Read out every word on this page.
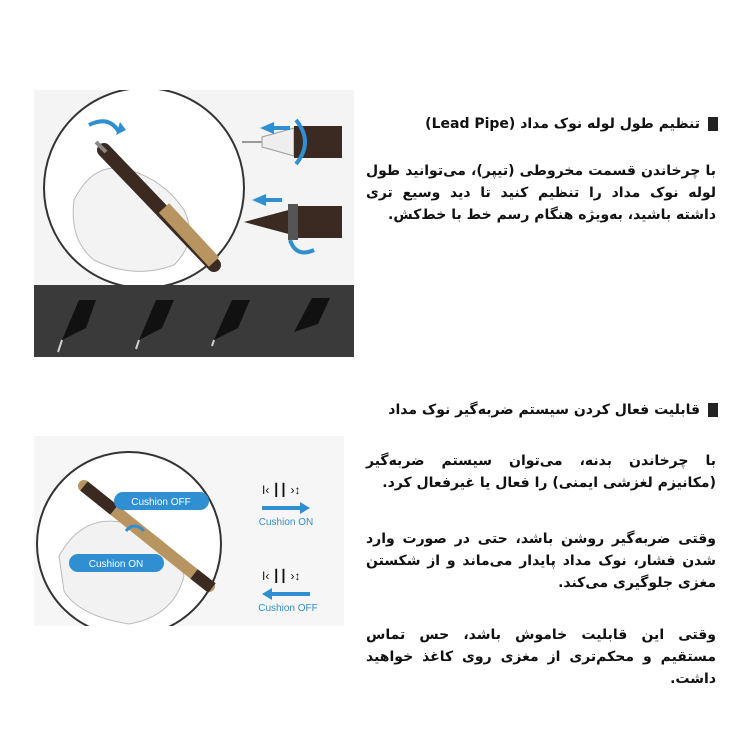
تنظیم طول لوله نوک مداد (Lead Pipe)
با چرخاندن قسمت مخروطی (تیپر)، می‌توانید طول لوله نوک مداد را تنظیم کنید تا دید وسیع تری داشته باشید، به‌ویژه هنگام رسم خط با خط‌کش.
قابلیت فعال کردن سیستم ضربه‌گیر نوک مداد
با چرخاندن بدنه، می‌توان سیستم ضربه‌گیر (مکانیزم لغزشی ایمنی) را فعال یا غیرفعال کرد.
وقتی ضربه‌گیر روشن باشد، حتی در صورت وارد شدن فشار، نوک مداد پایدار می‌ماند و از شکستن مغزی جلوگیری می‌کند.
وقتی این قابلیت خاموش باشد، حس تماس مستقیم و محکم‌تری از مغزی روی کاغذ خواهید داشت.
Cushion OFF
Cushion ON
I‹ ┃┃ ›↕
Cushion ON
I‹ ┃┃ ›↕
Cushion OFF
